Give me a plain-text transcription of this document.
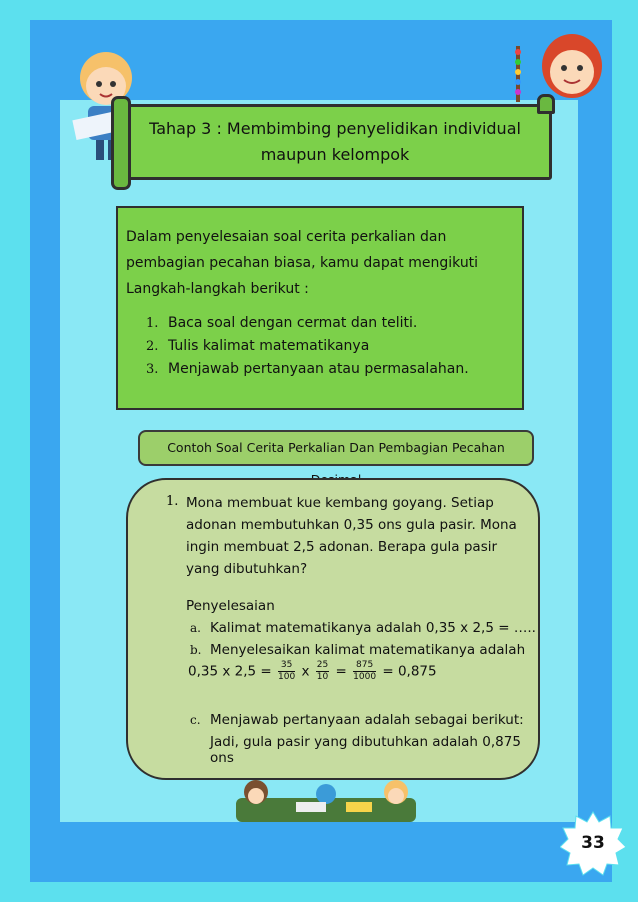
Tahap 3 : Membimbing penyelidikan individual
maupun kelompok
Dalam penyelesaian soal cerita perkalian dan pembagian pecahan biasa, kamu dapat mengikuti Langkah-langkah berikut :
1. Baca soal dengan cermat dan teliti.
2. Tulis kalimat matematikanya
3. Menjawab pertanyaan atau permasalahan.
Contoh Soal Cerita Perkalian Dan Pembagian Pecahan
1. Mona membuat kue kembang goyang. Setiap adonan membutuhkan 0,35 ons gula pasir. Mona ingin membuat 2,5 adonan. Berapa gula pasir yang dibutuhkan?
Penyelesaian
a. Kalimat matematikanya adalah 0,35 x 2,5 = …..
b. Menyelesaikan kalimat matematikanya adalah
0,35 x $2,5 = \frac{35}{100}$ x $\frac{25}{10} = \frac{875}{1000} = 0,875$
c. Menjawab pertanyaan adalah sebagai berikut:
Jadi, gula pasir yang dibutuhkan adalah 0,875 ons
33
